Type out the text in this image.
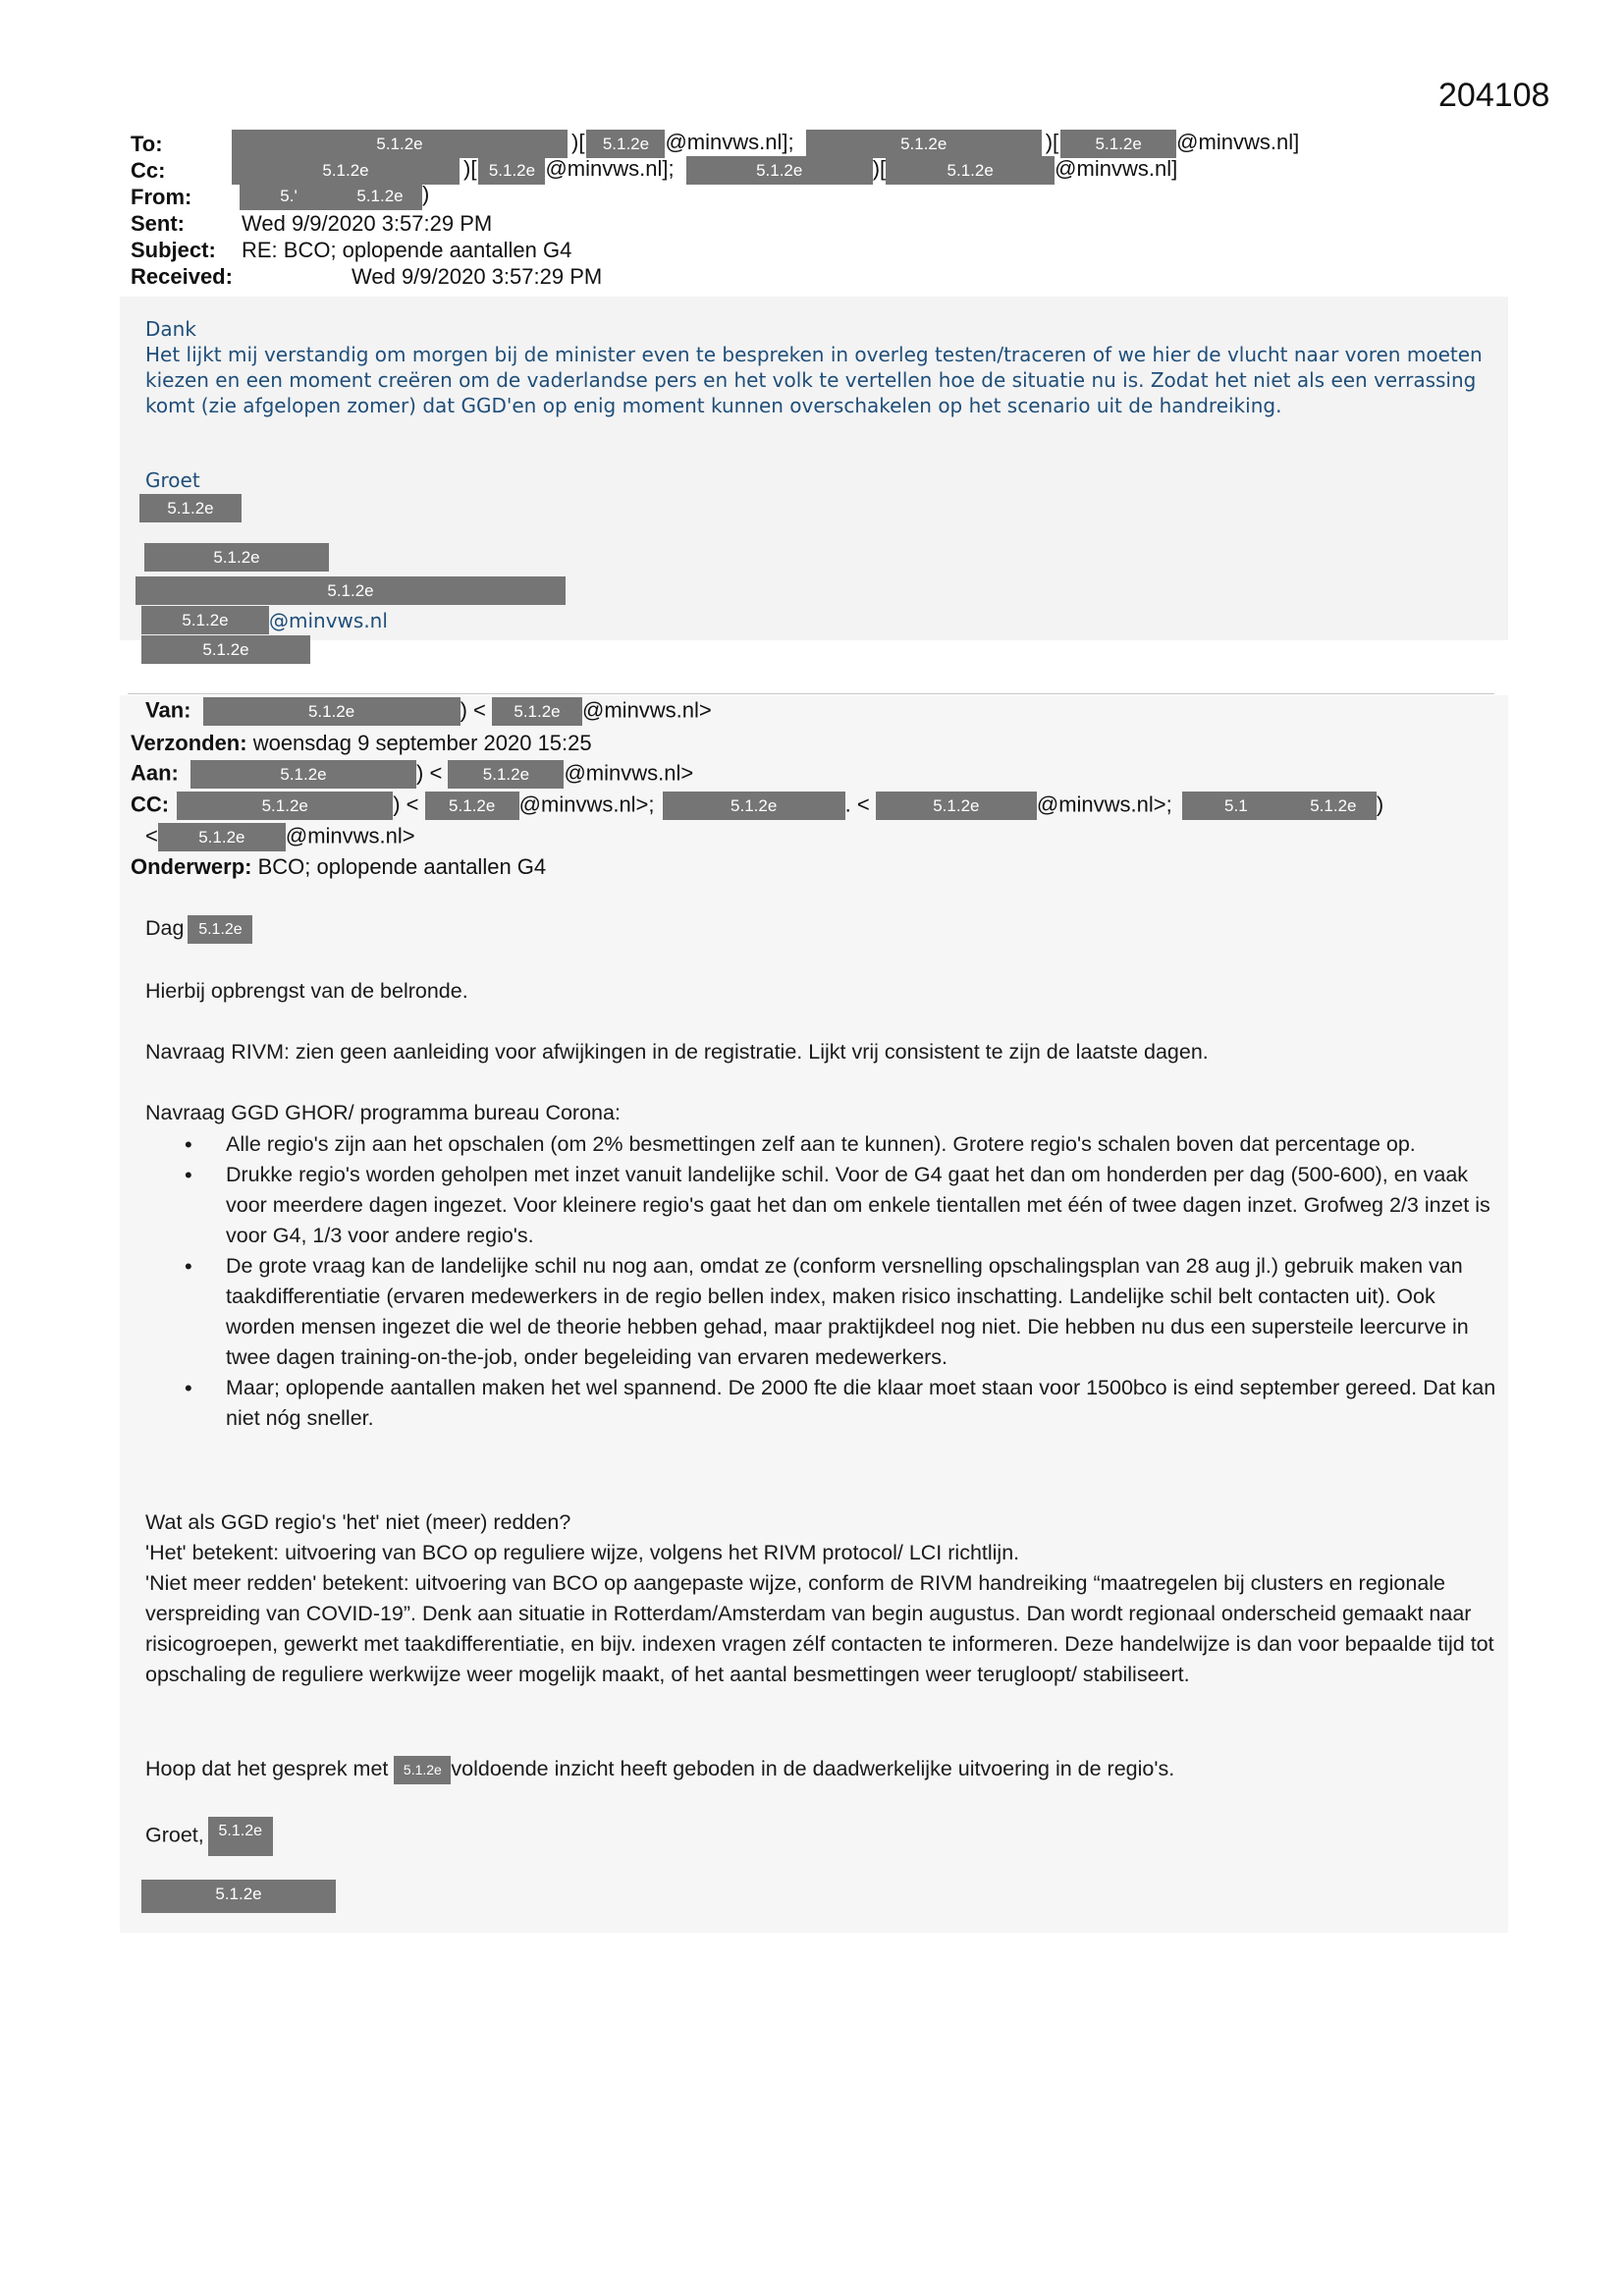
204108
To:	5.1.2e	)[ 5.1.2e @minvws.nl];	5.1.2e	)[ 5.1.2e @minvws.nl]
Cc:	5.1.2e	)[ 5.1.2e @minvws.nl];	5.1.2e	)[	5.1.2e	@minvws.nl]
From:	5.'	5.1.2e )
Sent:	Wed 9/9/2020 3:57:29 PM
Subject: RE: BCO; oplopende aantallen G4
Received:	Wed 9/9/2020 3:57:29 PM
Dank
Het lijkt mij verstandig om morgen bij de minister even te bespreken in overleg testen/traceren of we hier de vlucht naar voren moeten kiezen en een moment creëren om de vaderlandse pers en het volk te vertellen hoe de situatie nu is. Zodat het niet als een verrassing komt (zie afgelopen zomer) dat GGD'en op enig moment kunnen overschakelen op het scenario uit de handreiking.
Groet
5.1.2e
5.1.2e
5.1.2e
5.1.2e	@minvws.nl
5.1.2e
Van:	5.1.2e	) < 5.1.2e @minvws.nl>
Verzonden: woensdag 9 september 2020 15:25
Aan:	5.1.2e	) < 5.1.2e @minvws.nl>
CC:	5.1.2e	) < 5.1.2e @minvws.nl>;	5.1.2e	. <	5.1.2e	@minvws.nl>;	5.1	5.1.2e )
< 5.1.2e @minvws.nl>
Onderwerp: BCO; oplopende aantallen G4
Dag 5.1.2e
Hierbij opbrengst van de belronde.
Navraag RIVM: zien geen aanleiding voor afwijkingen in de registratie. Lijkt vrij consistent te zijn de laatste dagen.
Navraag GGD GHOR/ programma bureau Corona:
• Alle regio's zijn aan het opschalen (om 2% besmettingen zelf aan te kunnen). Grotere regio's schalen boven dat percentage op.
• Drukke regio's worden geholpen met inzet vanuit landelijke schil. Voor de G4 gaat het dan om honderden per dag (500-600), en vaak voor meerdere dagen ingezet. Voor kleinere regio's gaat het dan om enkele tientallen met één of twee dagen inzet. Grofweg 2/3 inzet is voor G4, 1/3 voor andere regio's.
• De grote vraag kan de landelijke schil nu nog aan, omdat ze (conform versnelling opschalingsplan van 28 aug jl.) gebruik maken van taakdifferentiatie (ervaren medewerkers in de regio bellen index, maken risico inschatting. Landelijke schil belt contacten uit). Ook worden mensen ingezet die wel de theorie hebben gehad, maar praktijkdeel nog niet. Die hebben nu dus een supersteile leercurve in twee dagen training-on-the-job, onder begeleiding van ervaren medewerkers.
• Maar; oplopende aantallen maken het wel spannend. De 2000 fte die klaar moet staan voor 1500bco is eind september gereed. Dat kan niet nóg sneller.
Wat als GGD regio's 'het' niet (meer) redden?
'Het' betekent: uitvoering van BCO op reguliere wijze, volgens het RIVM protocol/ LCI richtlijn.
'Niet meer redden' betekent: uitvoering van BCO op aangepaste wijze, conform de RIVM handreiking “maatregelen bij clusters en regionale verspreiding van COVID-19”. Denk aan situatie in Rotterdam/Amsterdam van begin augustus. Dan wordt regionaal onderscheid gemaakt naar risicogroepen, gewerkt met taakdifferentiatie, en bijv. indexen vragen zélf contacten te informeren. Deze handelwijze is dan voor bepaalde tijd tot opschaling de reguliere werkwijze weer mogelijk maakt, of het aantal besmettingen weer terugloopt/ stabiliseert.
Hoop dat het gesprek met 5.1.2e voldoende inzicht heeft geboden in de daadwerkelijke uitvoering in de regio's.
Groet, 5.1.2e
5.1.2e
